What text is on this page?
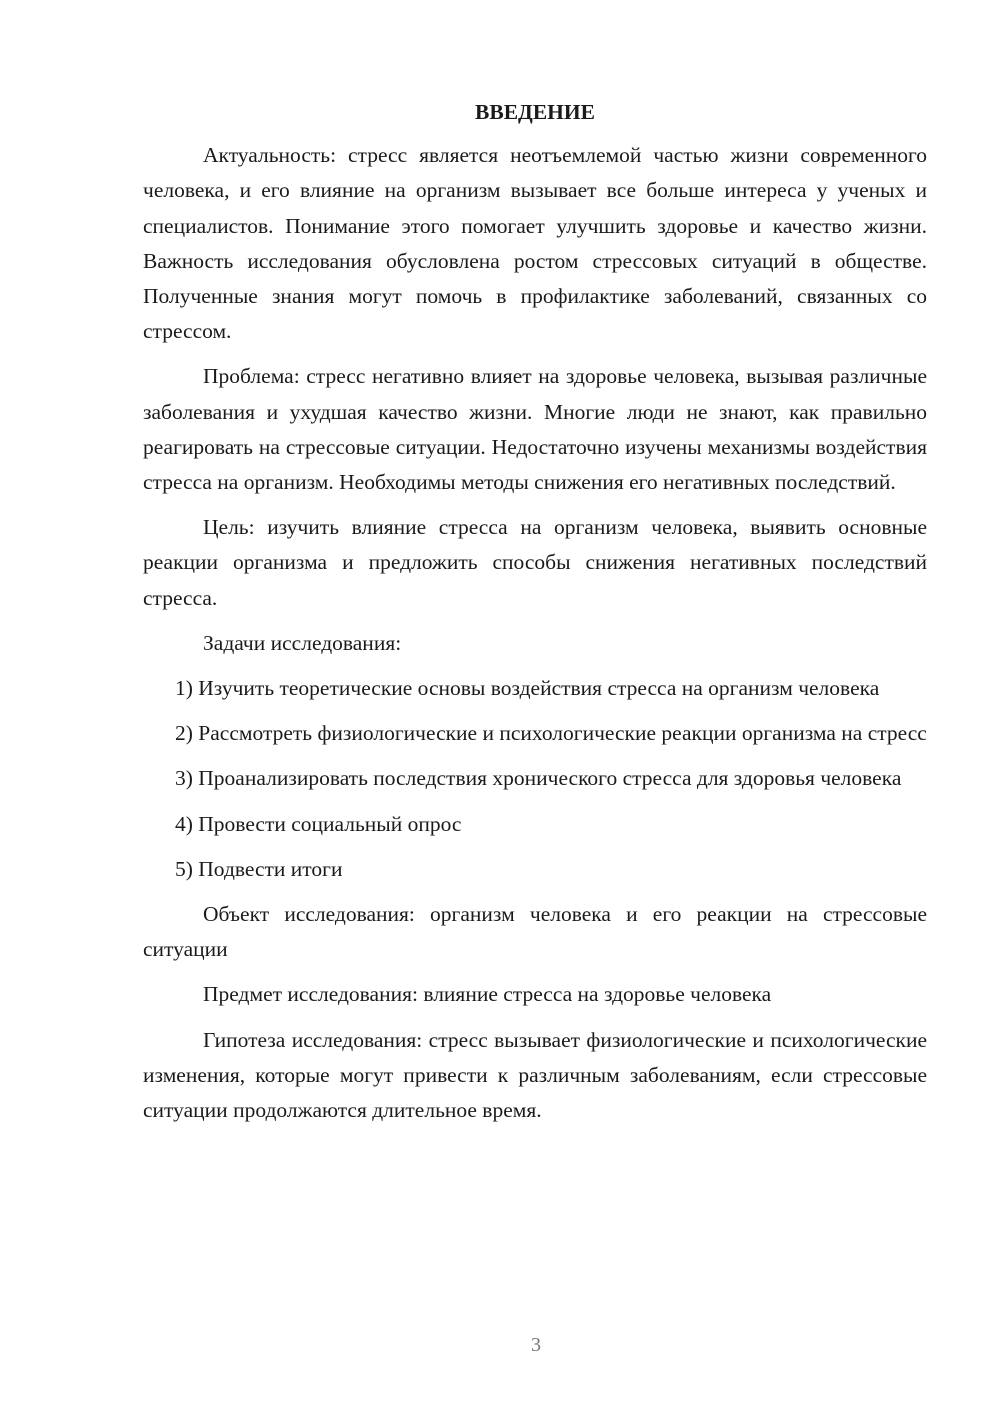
ВВЕДЕНИЕ

Актуальность: стресс является неотъемлемой частью жизни современного человека, и его влияние на организм вызывает все больше интереса у ученых и специалистов. Понимание этого помогает улучшить здоровье и качество жизни. Важность исследования обусловлена ростом стрессовых ситуаций в обществе. Полученные знания могут помочь в профилактике заболеваний, связанных со стрессом.

Проблема: стресс негативно влияет на здоровье человека, вызывая различные заболевания и ухудшая качество жизни. Многие люди не знают, как правильно реагировать на стрессовые ситуации. Недостаточно изучены механизмы воздействия стресса на организм. Необходимы методы снижения его негативных последствий.

Цель: изучить влияние стресса на организм человека, выявить основные реакции организма и предложить способы снижения негативных последствий стресса.

Задачи исследования:

1) Изучить теоретические основы воздействия стресса на организм человека

2) Рассмотреть физиологические и психологические реакции организма на стресс

3) Проанализировать последствия хронического стресса для здоровья человека

4) Провести социальный опрос

5) Подвести итоги

Объект исследования: организм человека и его реакции на стрессовые ситуации

Предмет исследования: влияние стресса на здоровье человека

Гипотеза исследования: стресс вызывает физиологические и психологические изменения, которые могут привести к различным заболеваниям, если стрессовые ситуации продолжаются длительное время.

3
